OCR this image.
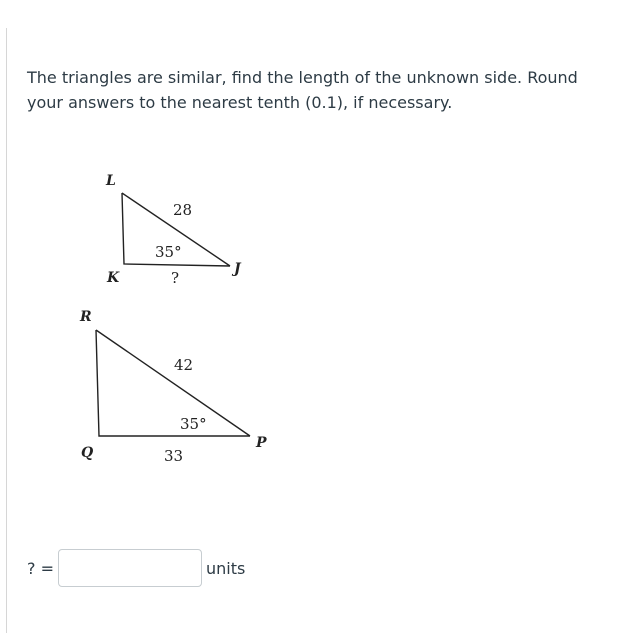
The triangles are similar, find the length of the unknown side. Round your answers to the nearest tenth (0.1), if necessary.
L
K
J
28
35°
?
R
Q
P
42
35°
33
? =	units
